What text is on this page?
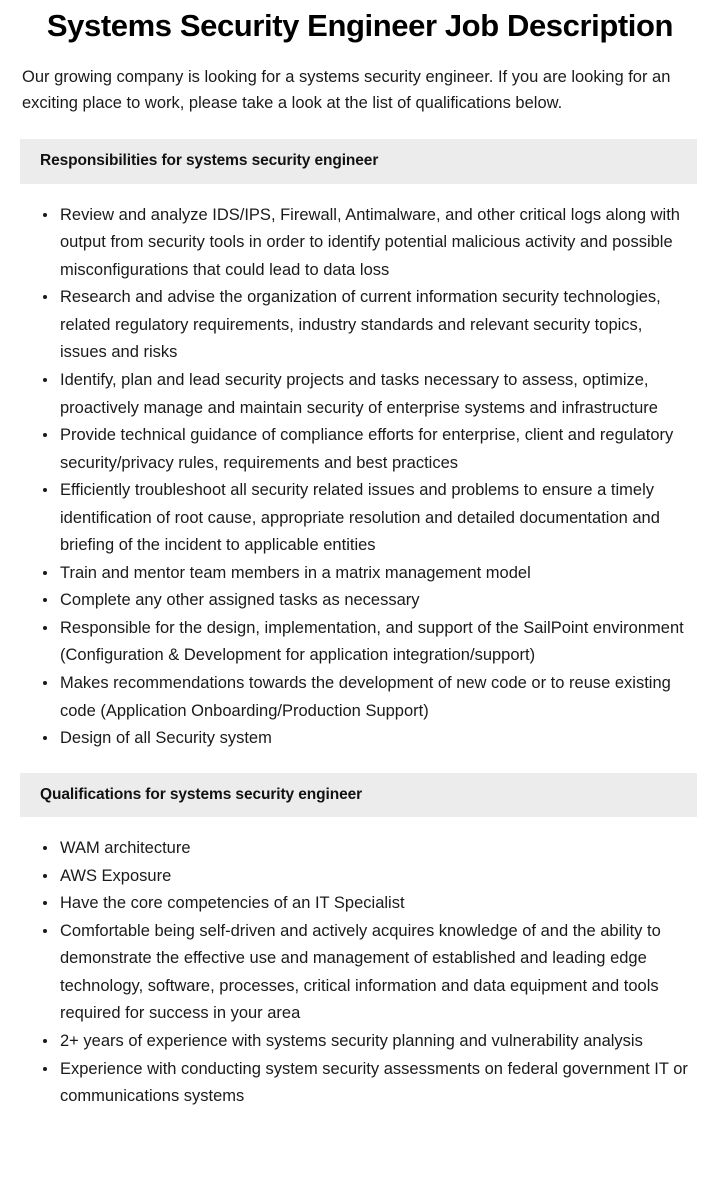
Systems Security Engineer Job Description

Our growing company is looking for a systems security engineer. If you are looking for an exciting place to work, please take a look at the list of qualifications below.

Responsibilities for systems security engineer
Review and analyze IDS/IPS, Firewall, Antimalware, and other critical logs along with output from security tools in order to identify potential malicious activity and possible misconfigurations that could lead to data loss
Research and advise the organization of current information security technologies, related regulatory requirements, industry standards and relevant security topics, issues and risks
Identify, plan and lead security projects and tasks necessary to assess, optimize, proactively manage and maintain security of enterprise systems and infrastructure
Provide technical guidance of compliance efforts for enterprise, client and regulatory security/privacy rules, requirements and best practices
Efficiently troubleshoot all security related issues and problems to ensure a timely identification of root cause, appropriate resolution and detailed documentation and briefing of the incident to applicable entities
Train and mentor team members in a matrix management model
Complete any other assigned tasks as necessary
Responsible for the design, implementation, and support of the SailPoint environment (Configuration & Development for application integration/support)
Makes recommendations towards the development of new code or to reuse existing code (Application Onboarding/Production Support)
Design of all Security system
Qualifications for systems security engineer
WAM architecture
AWS Exposure
Have the core competencies of an IT Specialist
Comfortable being self-driven and actively acquires knowledge of and the ability to demonstrate the effective use and management of established and leading edge technology, software, processes, critical information and data equipment and tools required for success in your area
2+ years of experience with systems security planning and vulnerability analysis
Experience with conducting system security assessments on federal government IT or communications systems
